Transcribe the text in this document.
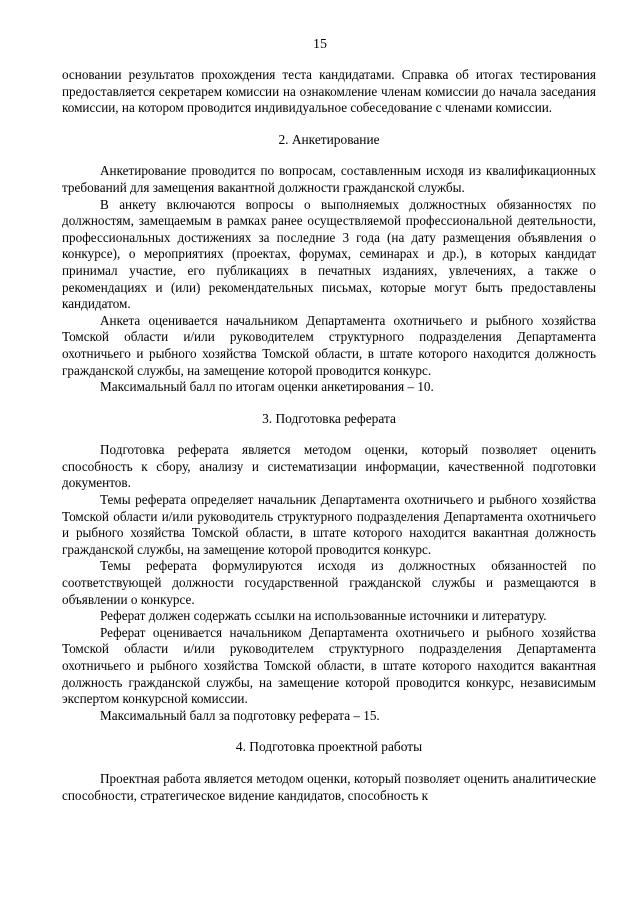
15

основании результатов прохождения теста кандидатами. Справка об итогах тестирования предоставляется секретарем комиссии на ознакомление членам комиссии до начала заседания комиссии, на котором проводится индивидуальное собеседование с членами комиссии.

2. Анкетирование

Анкетирование проводится по вопросам, составленным исходя из квалификационных требований для замещения вакантной должности гражданской службы.

В анкету включаются вопросы о выполняемых должностных обязанностях по должностям, замещаемым в рамках ранее осуществляемой профессиональной деятельности, профессиональных достижениях за последние 3 года (на дату размещения объявления о конкурсе), о мероприятиях (проектах, форумах, семинарах и др.), в которых кандидат принимал участие, его публикациях в печатных изданиях, увлечениях, а также о рекомендациях и (или) рекомендательных письмах, которые могут быть предоставлены кандидатом.

Анкета оценивается начальником Департамента охотничьего и рыбного хозяйства Томской области и/или руководителем структурного подразделения Департамента охотничьего и рыбного хозяйства Томской области, в штате которого находится должность гражданской службы, на замещение которой проводится конкурс.

Максимальный балл по итогам оценки анкетирования – 10.

3. Подготовка реферата

Подготовка реферата является методом оценки, который позволяет оценить способность к сбору, анализу и систематизации информации, качественной подготовки документов.

Темы реферата определяет начальник Департамента охотничьего и рыбного хозяйства Томской области и/или руководитель структурного подразделения Департамента охотничьего и рыбного хозяйства Томской области, в штате которого находится вакантная должность гражданской службы, на замещение которой проводится конкурс.

Темы реферата формулируются исходя из должностных обязанностей по соответствующей должности государственной гражданской службы и размещаются в объявлении о конкурсе.

Реферат должен содержать ссылки на использованные источники и литературу.

Реферат оценивается начальником Департамента охотничьего и рыбного хозяйства Томской области и/или руководителем структурного подразделения Департамента охотничьего и рыбного хозяйства Томской области, в штате которого находится вакантная должность гражданской службы, на замещение которой проводится конкурс, независимым экспертом конкурсной комиссии.

Максимальный балл за подготовку реферата – 15.

4. Подготовка проектной работы

Проектная работа является методом оценки, который позволяет оценить аналитические способности, стратегическое видение кандидатов, способность к
